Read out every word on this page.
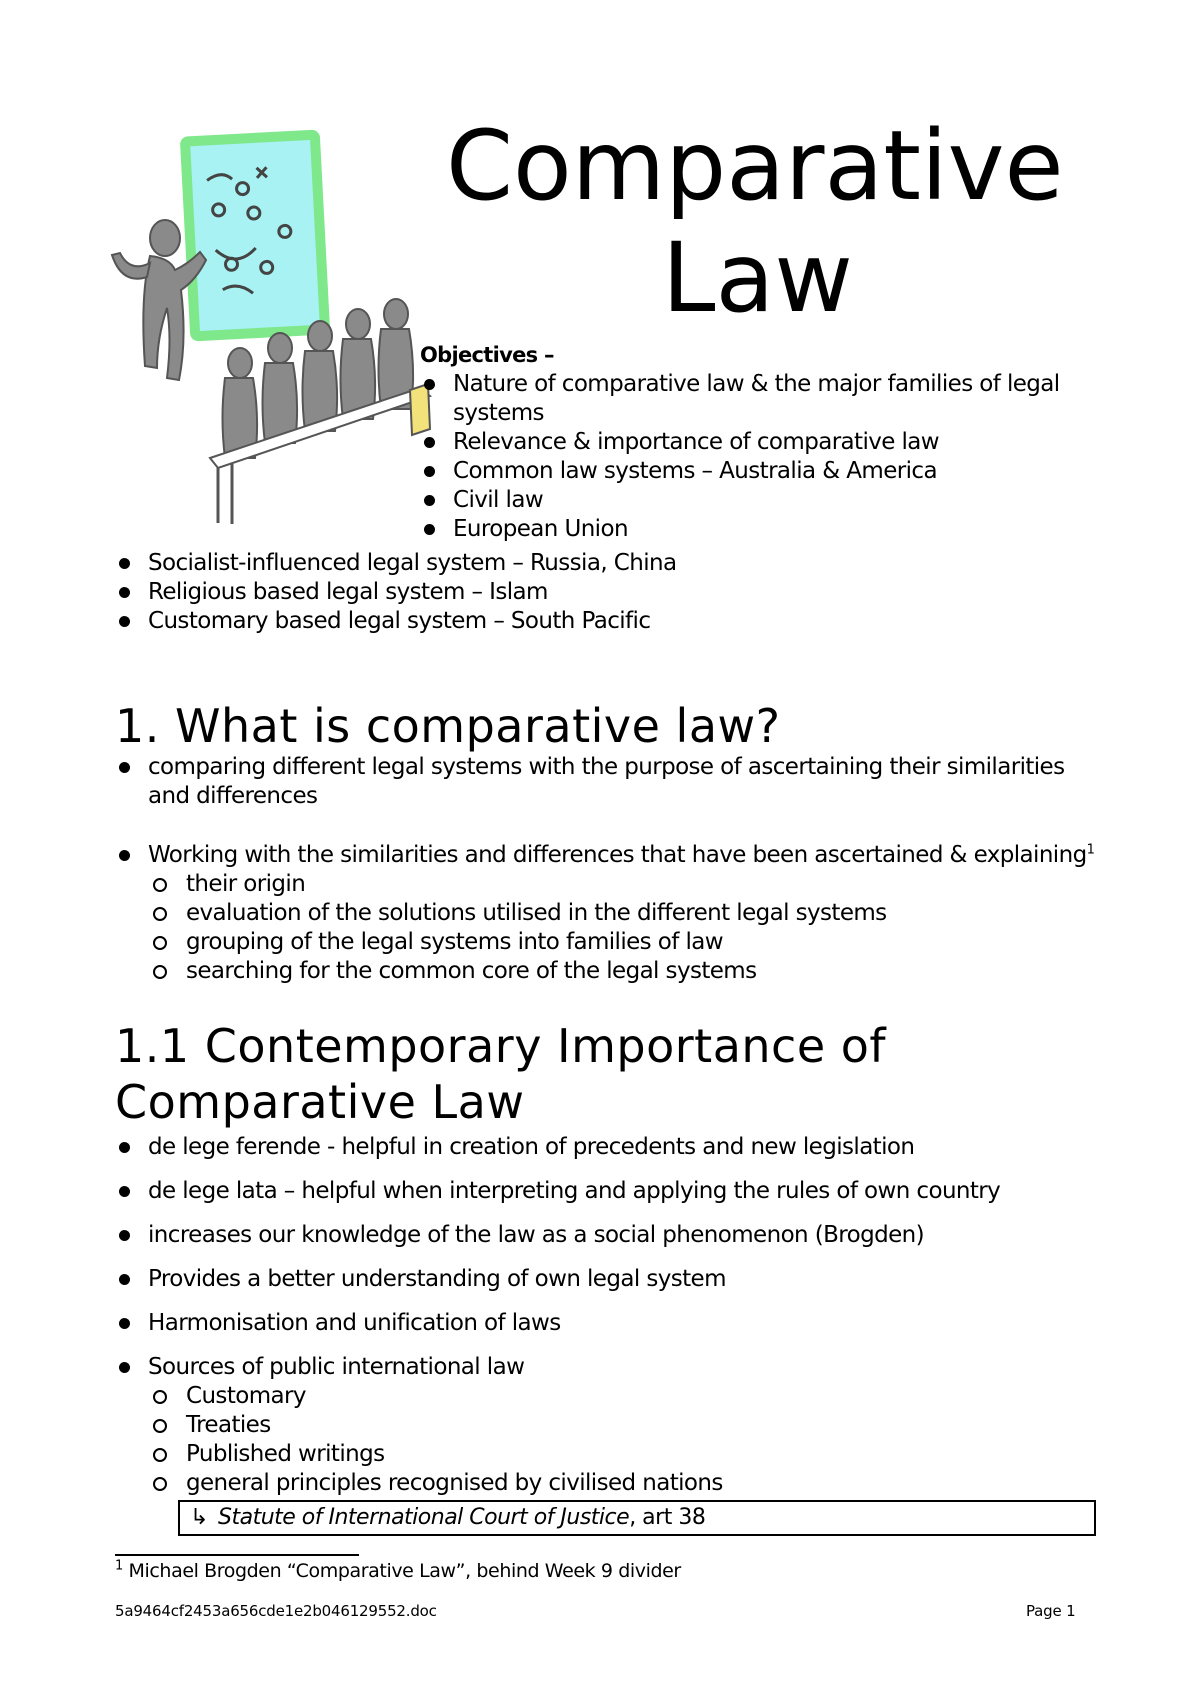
Comparative
Law
Objectives –
Nature of comparative law & the major families of legal systems
Relevance & importance of comparative law
Common law systems – Australia & America
Civil law
European Union
Socialist-influenced legal system – Russia, China
Religious based legal system – Islam
Customary based legal system – South Pacific
1. What is comparative law?
comparing different legal systems with the purpose of ascertaining their similarities and differences
Working with the similarities and differences that have been ascertained & explaining$^1$
their origin
evaluation of the solutions utilised in the different legal systems
grouping of the legal systems into families of law
searching for the common core of the legal systems
1.1 Contemporary Importance of
Comparative Law
de lege ferende - helpful in creation of precedents and new legislation
de lege lata – helpful when interpreting and applying the rules of own country
increases our knowledge of the law as a social phenomenon (Brogden)
Provides a better understanding of own legal system
Harmonisation and unification of laws
Sources of public international law
Customary
Treaties
Published writings
general principles recognised by civilised nations
↳ Statute of International Court of Justice, art 38
$^1$ Michael Brogden “Comparative Law”, behind Week 9 divider
5a9464cf2453a656cde1e2b046129552.doc	Page 1
